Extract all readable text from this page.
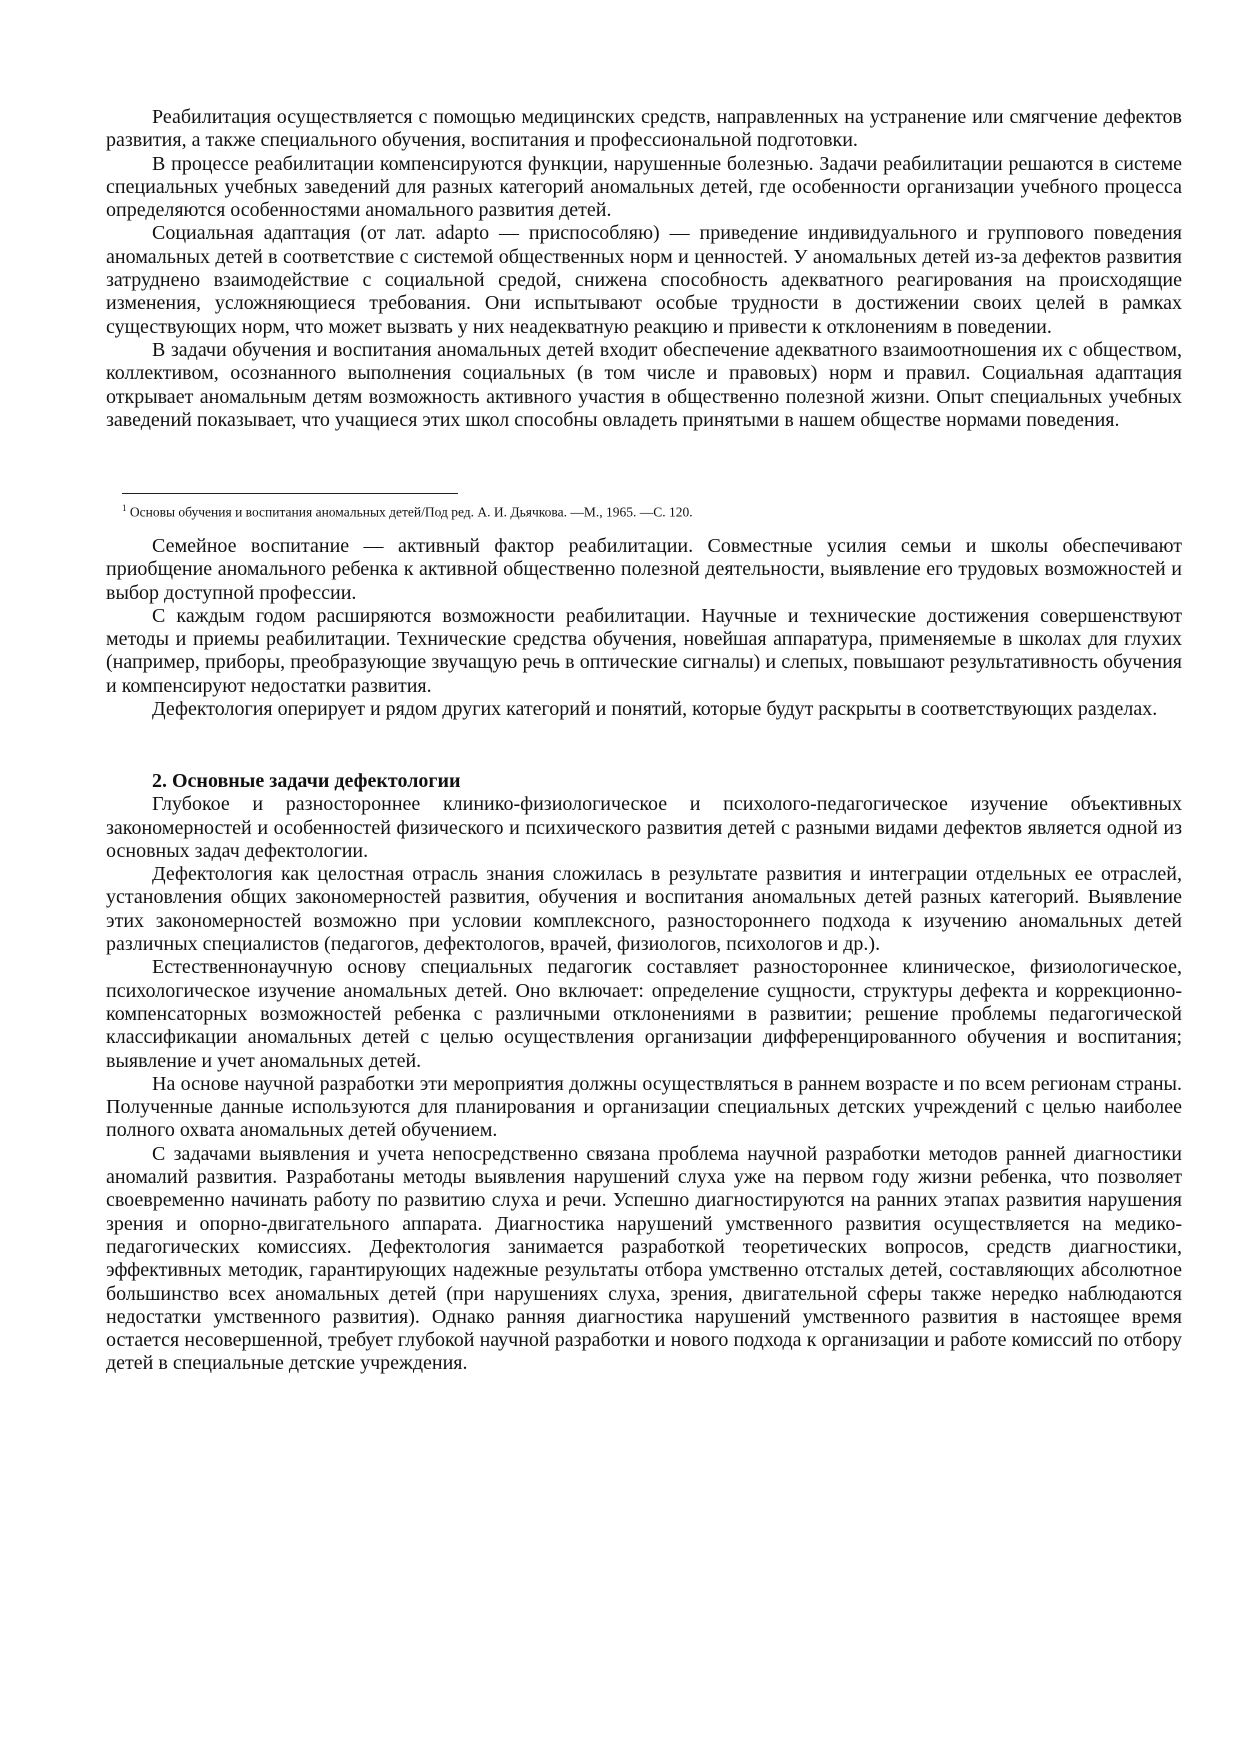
Реабилитация осуществляется с помощью медицинских средств, направленных на устранение или смягчение дефектов развития, а также специального обучения, воспитания и профессиональной подготовки.

В процессе реабилитации компенсируются функции, нарушенные болезнью. Задачи реабилитации решаются в системе специальных учебных заведений для разных категорий аномальных детей, где особенности организации учебного процесса определяются особенностями аномального развития детей.

Социальная адаптация (от лат. adapto — приспособляю) — приведение индивидуального и группового поведения аномальных детей в соответствие с системой общественных норм и ценностей. У аномальных детей из-за дефектов развития затруднено взаимодействие с социальной средой, снижена способность адекватного реагирования на происходящие изменения, усложняющиеся требования. Они испытывают особые трудности в достижении своих целей в рамках существующих норм, что может вызвать у них неадекватную реакцию и привести к отклонениям в поведении.

В задачи обучения и воспитания аномальных детей входит обеспечение адекватного взаимоотношения их с обществом, коллективом, осознанного выполнения социальных (в том числе и правовых) норм и правил. Социальная адаптация открывает аномальным детям возможность активного участия в общественно полезной жизни. Опыт специальных учебных заведений показывает, что учащиеся этих школ способны овладеть принятыми в нашем обществе нормами поведения.

$^1$ Основы обучения и воспитания аномальных детей/Под ред. А. И. Дьячкова. —М., 1965. —С. 120.

Семейное воспитание — активный фактор реабилитации. Совместные усилия семьи и школы обеспечивают приобщение аномального ребенка к активной общественно полезной деятельности, выявление его трудовых возможностей и выбор доступной профессии.

С каждым годом расширяются возможности реабилитации. Научные и технические достижения совершенствуют методы и приемы реабилитации. Технические средства обучения, новейшая аппаратура, применяемые в школах для глухих (например, приборы, преобразующие звучащую речь в оптические сигналы) и слепых, повышают результативность обучения и компенсируют недостатки развития.

Дефектология оперирует и рядом других категорий и понятий, которые будут раскрыты в соответствующих разделах.

2. Основные задачи дефектологии

Глубокое и разностороннее клинико-физиологическое и психолого-педагогическое изучение объективных закономерностей и особенностей физического и психического развития детей с разными видами дефектов является одной из основных задач дефектологии.

Дефектология как целостная отрасль знания сложилась в результате развития и интеграции отдельных ее отраслей, установления общих закономерностей развития, обучения и воспитания аномальных детей разных категорий. Выявление этих закономерностей возможно при условии комплексного, разностороннего подхода к изучению аномальных детей различных специалистов (педагогов, дефектологов, врачей, физиологов, психологов и др.).

Естественнонаучную основу специальных педагогик составляет разностороннее клиническое, физиологическое, психологическое изучение аномальных детей. Оно включает: определение сущности, структуры дефекта и коррекционно-компенсаторных возможностей ребенка с различными отклонениями в развитии; решение проблемы педагогической классификации аномальных детей с целью осуществления организации дифференцированного обучения и воспитания; выявление и учет аномальных детей.

На основе научной разработки эти мероприятия должны осуществляться в раннем возрасте и по всем регионам страны. Полученные данные используются для планирования и организации специальных детских учреждений с целью наиболее полного охвата аномальных детей обучением.

С задачами выявления и учета непосредственно связана проблема научной разработки методов ранней диагностики аномалий развития. Разработаны методы выявления нарушений слуха уже на первом году жизни ребенка, что позволяет своевременно начинать работу по развитию слуха и речи. Успешно диагностируются на ранних этапах развития нарушения зрения и опорно-двигательного аппарата. Диагностика нарушений умственного развития осуществляется на медико-педагогических комиссиях. Дефектология занимается разработкой теоретических вопросов, средств диагностики, эффективных методик, гарантирующих надежные результаты отбора умственно отсталых детей, составляющих абсолютное большинство всех аномальных детей (при нарушениях слуха, зрения, двигательной сферы также нередко наблюдаются недостатки умственного развития). Однако ранняя диагностика нарушений умственного развития в настоящее время остается несовершенной, требует глубокой научной разработки и нового подхода к организации и работе комиссий по отбору детей в специальные детские учреждения.
